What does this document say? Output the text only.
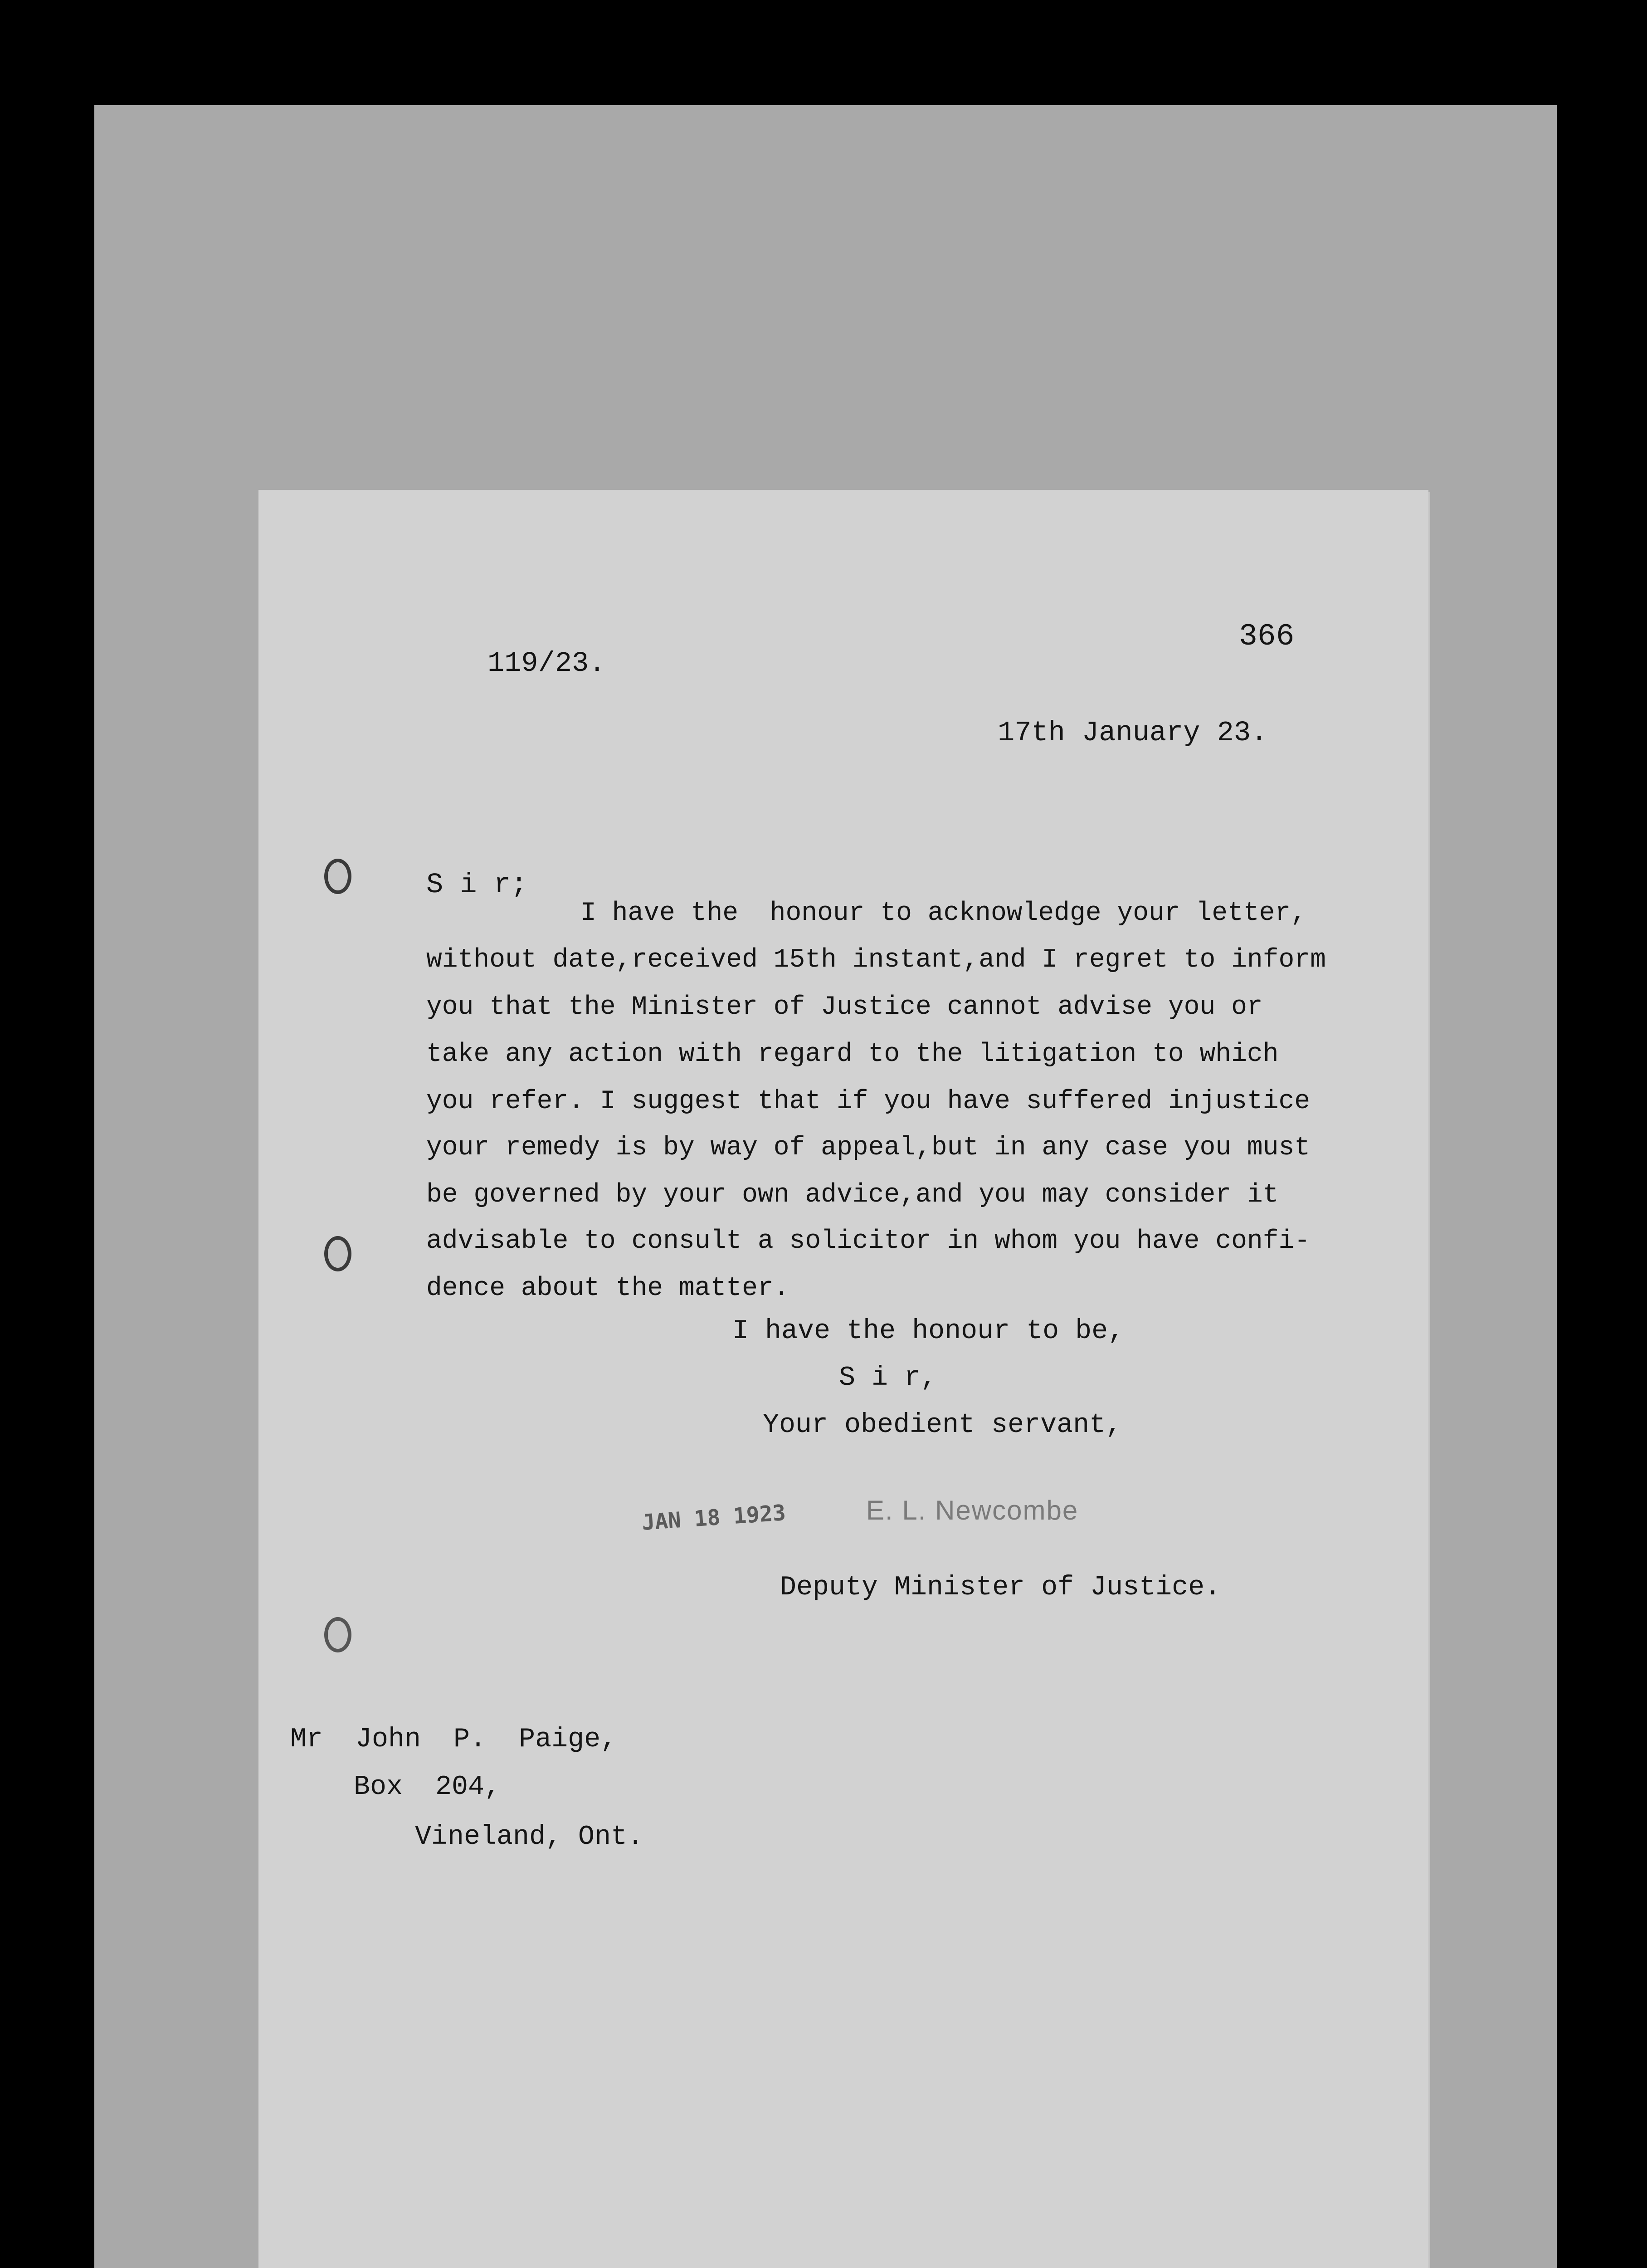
119/23.
366
17th January 23.
S i r;
I have the  honour to acknowledge your letter,
without date,received 15th instant,and I regret to inform
you that the Minister of Justice cannot advise you or
take any action with regard to the litigation to which
you refer. I suggest that if you have suffered injustice
your remedy is by way of appeal,but in any case you must
be governed by your own advice,and you may consider it
advisable to consult a solicitor in whom you have confi-
dence about the matter.
I have the honour to be,
S i r,
Your obedient servant,
JAN 18 1923	E. L. Newcombe
Deputy Minister of Justice.
Mr  John  P.  Paige,
Box  204,
Vineland, Ont.
